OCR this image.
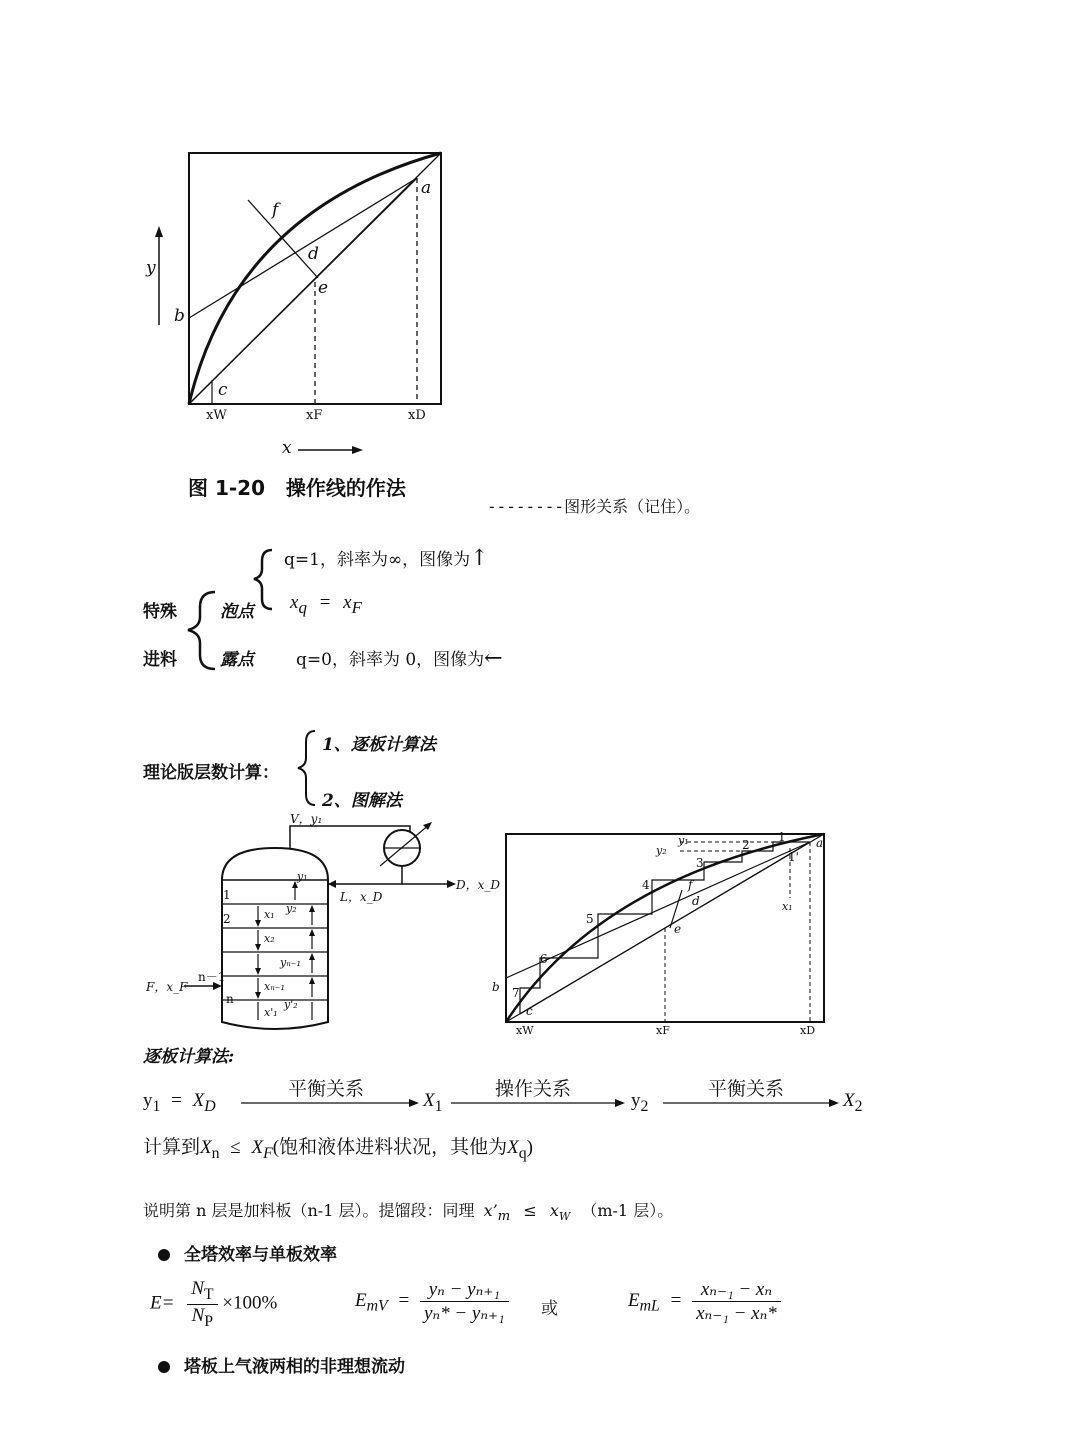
y
x
a
b
c
d
e
f
xW	xF	xD
图 1-20   操作线的作法
--------图形关系（记住）。
特殊
进料
泡点
露点
q=1，斜率为∞，图像为↑
$x_q = x_F$
q=0，斜率为 0，图像为←
理论版层数计算：
1、逐板计算法
2、图解法
V，y₁
L，x_D
D，x_D
F，x_F
1
2
n－1
n
y₁
x₁ y₂
x₂
yₙ₋₁
xₙ₋₁
y'₂
x'₁
y₁
y₂
a
b
c
d
e
f
x₁
1
1'
2
3
4
5
6
7
xW	xF	xD
逐板计算法:
$y_1 = X_D$
平衡关系
$X_1$
操作关系
$y_2$
平衡关系
$X_2$
计算到$X_n \le X_F$(饱和液体进料状况，其他为$X_q$)
说明第 n 层是加料板（n-1 层）。提馏段：同理 $x’_m \le x_W$ （m-1 层）。
全塔效率与单板效率
$E= \frac{N_T}{N_P} \times 100\%$	$E_{mV} = \frac{\text{yₙ − yₙ₊₁}}{\text{yₙ* − yₙ₊₁}}$ 或	$E_{mL} = \frac{\text{xₙ₋₁ − xₙ}}{\text{xₙ₋₁ − xₙ*}}$
塔板上气液两相的非理想流动
